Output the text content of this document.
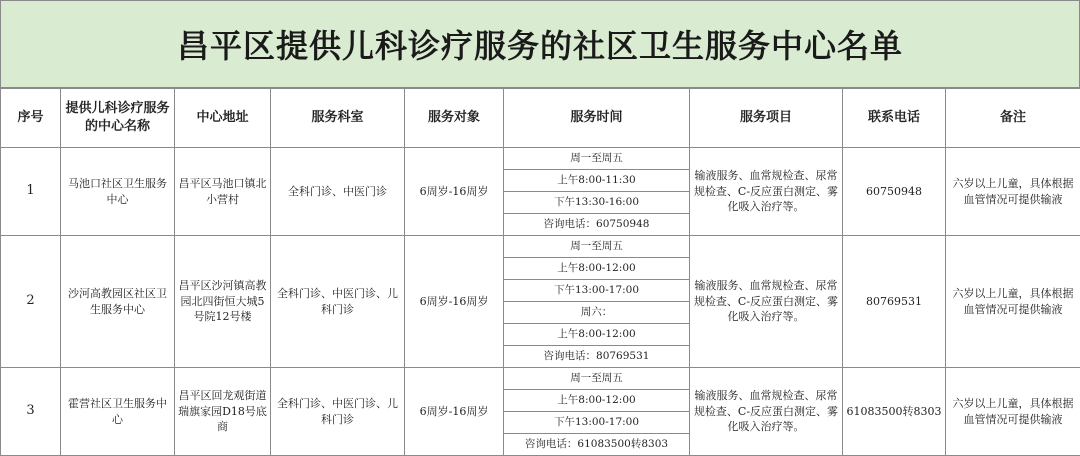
昌平区提供儿科诊疗服务的社区卫生服务中心名单
序号	提供儿科诊疗服务的中心名称	中心地址	服务科室	服务对象	服务时间	服务项目	联系电话	备注
1	马池口社区卫生服务中心	昌平区马池口镇北小营村	全科门诊、中医门诊	6周岁-16周岁	周一至周五	输液服务、血常规检查、尿常规检查、C-反应蛋白测定、雾化吸入治疗等。	60750948	六岁以上儿童，具体根据血管情况可提供输液
					上午8:00-11:30			
					下午13:30-16:00			
					咨询电话：60750948			
2	沙河高教园区社区卫生服务中心	昌平区沙河镇高教园北四街恒大城5号院12号楼	全科门诊、中医门诊、儿科门诊	6周岁-16周岁	周一至周五	输液服务、血常规检查、尿常规检查、C-反应蛋白测定、雾化吸入治疗等。	80769531	六岁以上儿童，具体根据血管情况可提供输液
					上午8:00-12:00			
					下午13:00-17:00			
					周六：			
					上午8:00-12:00			
					咨询电话：80769531			
3	霍营社区卫生服务中心	昌平区回龙观街道瑞旗家园D18号底商	全科门诊、中医门诊、儿科门诊	6周岁-16周岁	周一至周五	输液服务、血常规检查、尿常规检查、C-反应蛋白测定、雾化吸入治疗等。	61083500转8303	六岁以上儿童，具体根据血管情况可提供输液
					上午8:00-12:00			
					下午13:00-17:00			
					咨询电话：61083500转8303			
